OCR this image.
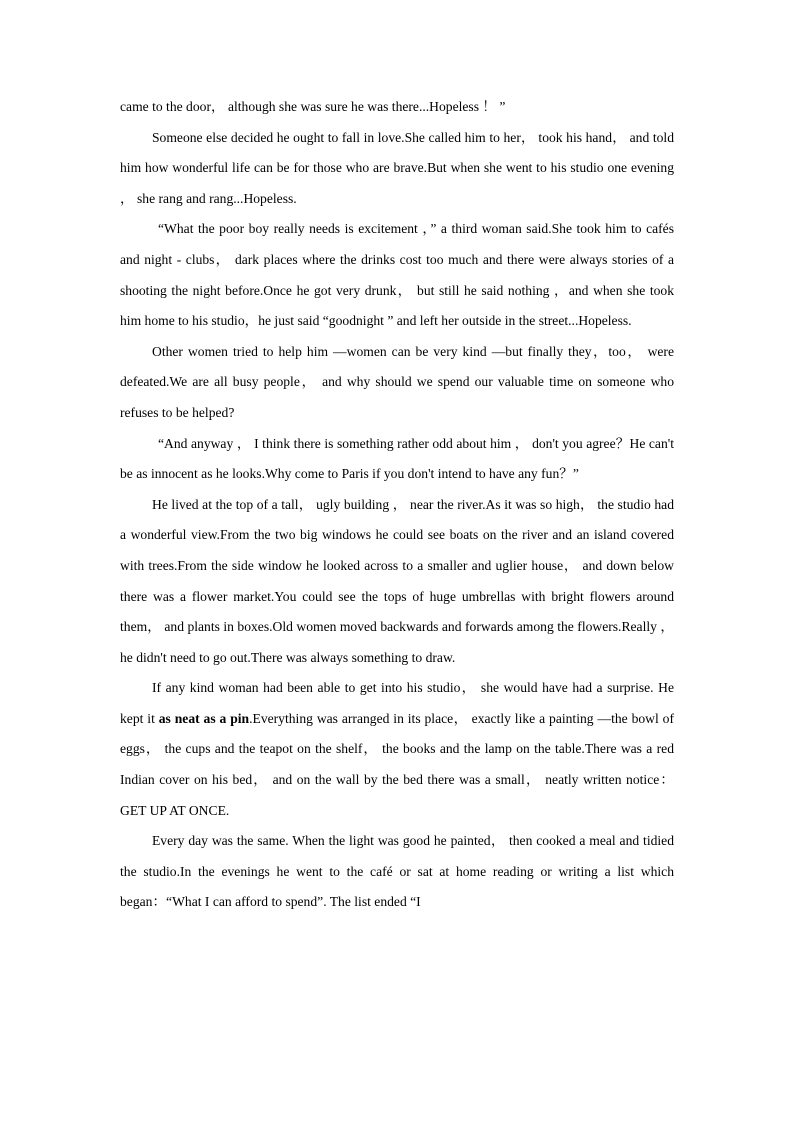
came to the door， although she was sure he was there...Hopeless ！ ”

Someone else decided he ought to fall in love.She called him to her， took his hand， and told him how wonderful life can be for those who are brave.But when she went to his studio one evening ， she rang and rang...Hopeless.

“What the poor boy really needs is excitement ，” a third woman said.She took him to cafés and night - clubs， dark places where the drinks cost too much and there were always stories of a shooting the night before.Once he got very drunk， but still he said nothing ，and when she took him home to his studio，he just said “goodnight ” and left her outside in the street...Hopeless.

Other women tried to help him —women can be very kind —but finally they，too， were defeated.We are all busy people， and why should we spend our valuable time on someone who refuses to be helped?

“And anyway ， I think there is something rather odd about him ， don't you agree？He can't be as innocent as he looks.Why come to Paris if you don't intend to have any fun？”

He lived at the top of a tall， ugly building ， near the river.As it was so high， the studio had a wonderful view.From the two big windows he could see boats on the river and an island covered with trees.From the side window he looked across to a smaller and uglier house， and down below there was a flower market.You could see the tops of huge umbrellas with bright flowers around them， and plants in boxes.Old women moved backwards and forwards among the flowers.Really ， he didn't need to go out.There was always something to draw.

If any kind woman had been able to get into his studio， she would have had a surprise. He kept it as neat as a pin.Everything was arranged in its place， exactly like a painting —the bowl of eggs， the cups and the teapot on the shelf， the books and the lamp on the table.There was a red Indian cover on his bed， and on the wall by the bed there was a small， neatly written notice： GET UP AT ONCE.

Every day was the same. When the light was good he painted， then cooked a meal and tidied the studio.In the evenings he went to the café or sat at home reading or writing a list which began：“What I can afford to spend”. The list ended “I
